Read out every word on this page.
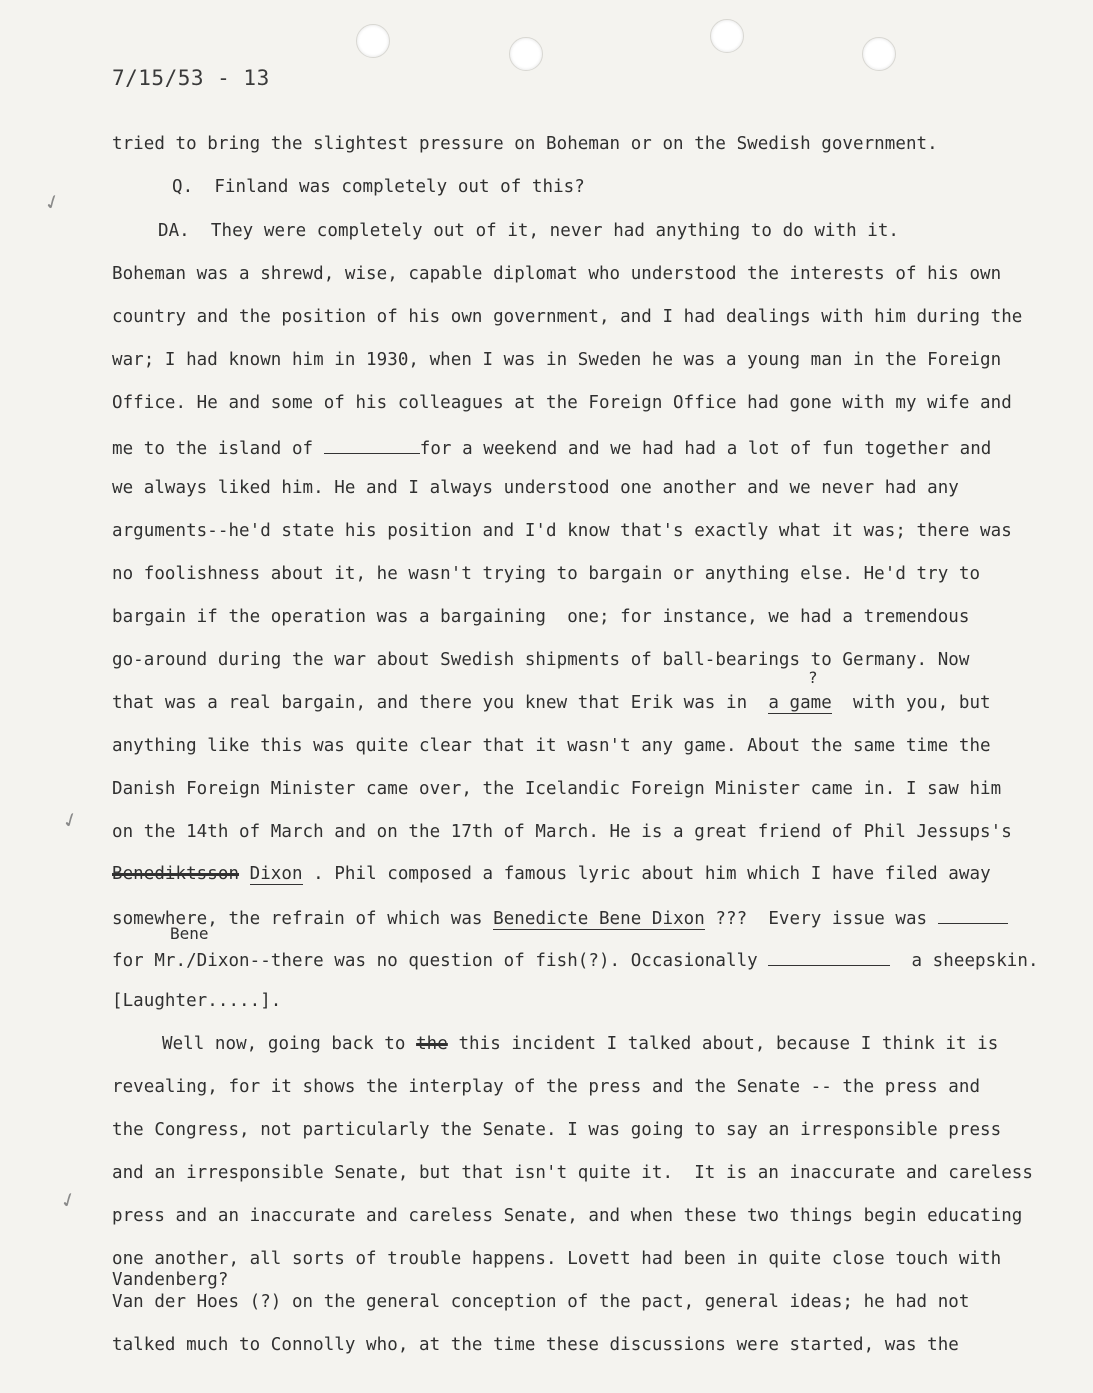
7/15/53 - 13
✓
✓
✓
tried to bring the slightest pressure on Boheman or on the Swedish government.
Q.  Finland was completely out of this?
DA.  They were completely out of it, never had anything to do with it.
Boheman was a shrewd, wise, capable diplomat who understood the interests of his own
country and the position of his own government, and I had dealings with him during the
war; I had known him in 1930, when I was in Sweden he was a young man in the Foreign
Office. He and some of his colleagues at the Foreign Office had gone with my wife and
me to the island of	for a weekend and we had had a lot of fun together and
we always liked him. He and I always understood one another and we never had any
arguments--he'd state his position and I'd know that's exactly what it was; there was
no foolishness about it, he wasn't trying to bargain or anything else. He'd try to
bargain if the operation was a bargaining  one; for instance, we had a tremendous
go-around during the war about Swedish shipments of ball-bearings to Germany. Now
?
that was a real bargain, and there you knew that Erik was in a game with you, but
anything like this was quite clear that it wasn't any game. About the same time the
Danish Foreign Minister came over, the Icelandic Foreign Minister came in. I saw him
on the 14th of March and on the 17th of March. He is a great friend of Phil Jessups's
Benediktsson Dixon . Phil composed a famous lyric about him which I have filed away
somewhere, the refrain of which was Benedicte Bene Dixon ???  Every issue was
Bene
for Mr./Dixon--there was no question of fish(?). Occasionally	a sheepskin.
[Laughter.....].
Well now, going back to the this incident I talked about, because I think it is
revealing, for it shows the interplay of the press and the Senate -- the press and
the Congress, not particularly the Senate. I was going to say an irresponsible press
and an irresponsible Senate, but that isn't quite it.  It is an inaccurate and careless
press and an inaccurate and careless Senate, and when these two things begin educating
one another, all sorts of trouble happens. Lovett had been in quite close touch with
Vandenberg?
Van der Hoes (?) on the general conception of the pact, general ideas; he had not
talked much to Connolly who, at the time these discussions were started, was the
